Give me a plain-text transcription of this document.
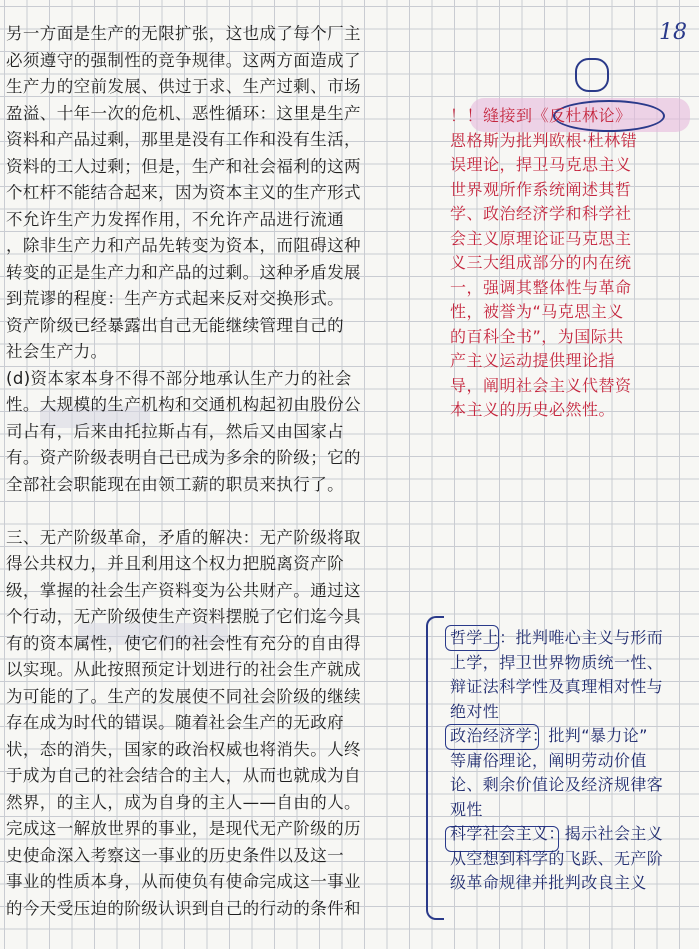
18
另一方面是生产的无限扩张，这也成了每个厂主
必须遵守的强制性的竞争规律。这两方面造成了
生产力的空前发展、供过于求、生产过剩、市场
盈溢、十年一次的危机、恶性循环：这里是生产
资料和产品过剩，那里是没有工作和没有生活，
资料的工人过剩；但是，生产和社会福利的这两
个杠杆不能结合起来，因为资本主义的生产形式
不允许生产力发挥作用，不允许产品进行流通
，除非生产力和产品先转变为资本，而阻碍这种
转变的正是生产力和产品的过剩。这种矛盾发展
到荒谬的程度：生产方式起来反对交换形式。
资产阶级已经暴露出自己无能继续管理自己的
社会生产力。
(d)资本家本身不得不部分地承认生产力的社会
性。大规模的生产机构和交通机构起初由股份公
司占有，后来由托拉斯占有，然后又由国家占
有。资产阶级表明自己已成为多余的阶级；它的
全部社会职能现在由领工薪的职员来执行了。
三、无产阶级革命，矛盾的解决：无产阶级将取
得公共权力，并且利用这个权力把脱离资产阶
级，掌握的社会生产资料变为公共财产。通过这
个行动，无产阶级使生产资料摆脱了它们迄今具
有的资本属性，使它们的社会性有充分的自由得
以实现。从此按照预定计划进行的社会生产就成
为可能的了。生产的发展使不同社会阶级的继续
存在成为时代的错误。随着社会生产的无政府
状，态的消失，国家的政治权威也将消失。人终
于成为自己的社会结合的主人，从而也就成为自
然界，的主人，成为自身的主人——自由的人。
完成这一解放世界的事业，是现代无产阶级的历
史使命深入考察这一事业的历史条件以及这一
事业的性质本身，从而使负有使命完成这一事业
的今天受压迫的阶级认识到自己的行动的条件和
！！缝接到《反杜林论》
恩格斯为批判欧根·杜林错
误理论，捍卫马克思主义
世界观所作系统阐述其哲
学、政治经济学和科学社
会主义原理论证马克思主
义三大组成部分的内在统
一，强调其整体性与革命
性，被誉为“马克思主义
的百科全书”，为国际共
产主义运动提供理论指
导，阐明社会主义代替资
本主义的历史必然性。
哲学上：批判唯心主义与形而
上学，捍卫世界物质统一性、
辩证法科学性及真理相对性与
绝对性
政治经济学：批判“暴力论”
等庸俗理论，阐明劳动价值
论、剩余价值论及经济规律客
观性
科学社会主义：揭示社会主义
从空想到科学的飞跃、无产阶
级革命规律并批判改良主义
